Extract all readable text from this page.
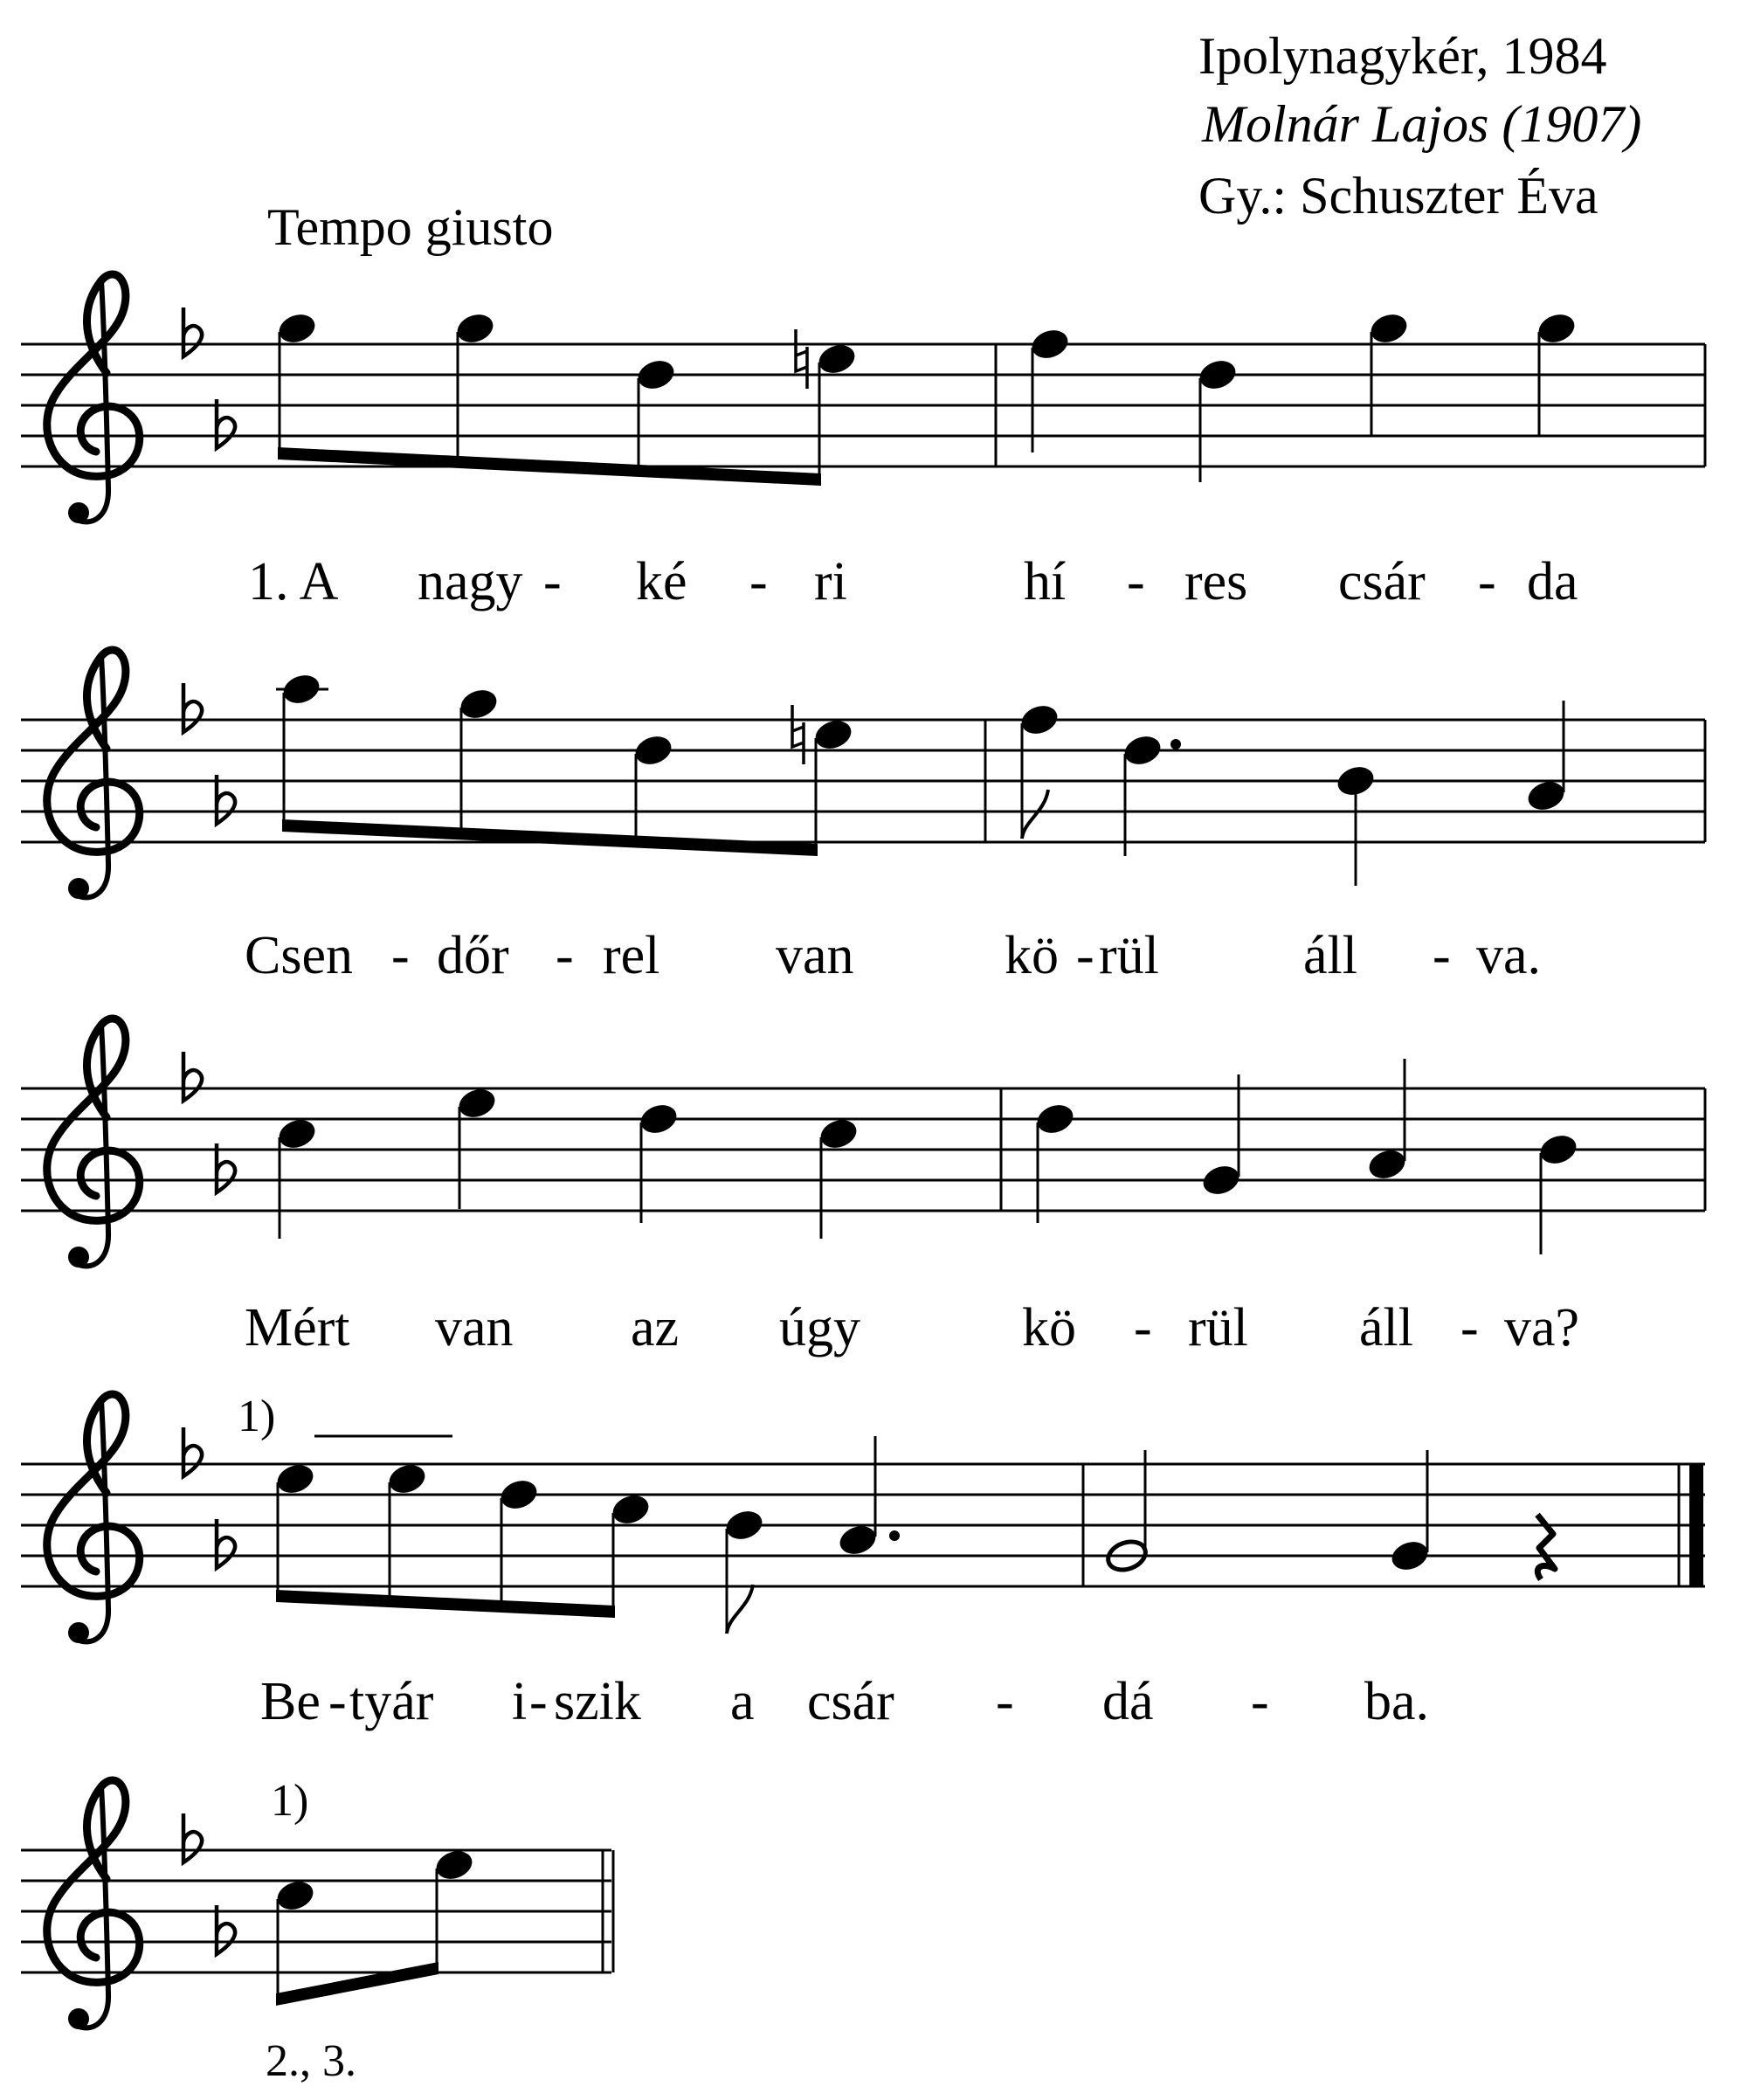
Ipolynagykér, 1984
Molnár Lajos (1907)
Gy.: Schuszter Éva
Tempo giusto
1. A nagy - ké - ri	hí - res csár - da
Csen - dőr - rel van	kö - rül	áll - va.
Mért van az úgy	kö - rül áll - va?
1)
Be - tyár i - szik a csár - dá - ba.
1)
2., 3.
